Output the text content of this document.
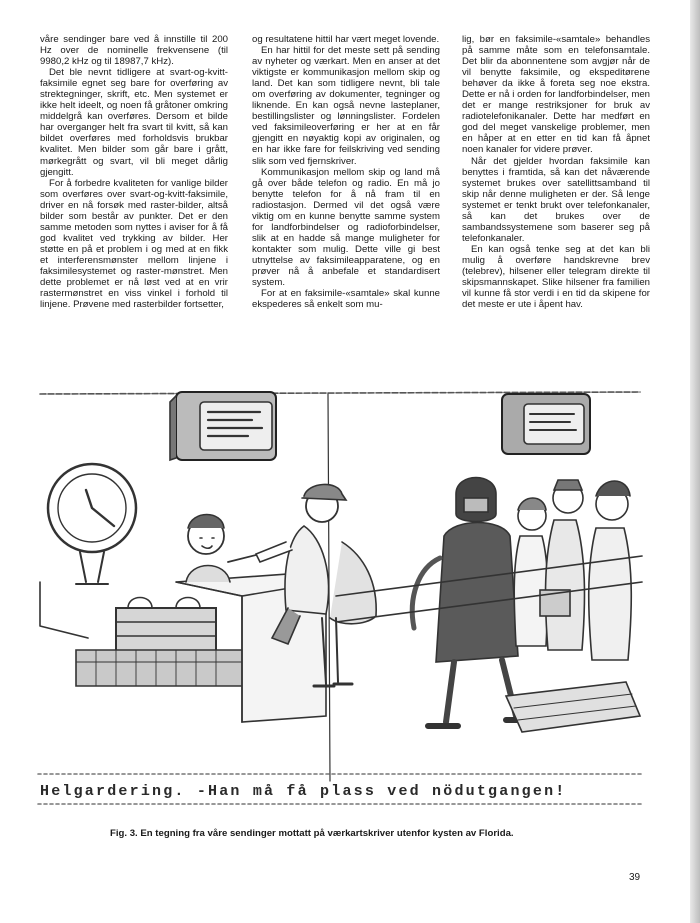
våre sendinger bare ved å innstille til 200 Hz over de nominelle frekvensene (til 9980,2 kHz og til 18987,7 kHz).

Det ble nevnt tidligere at svart-og-kvitt-faksimile egnet seg bare for overføring av strektegninger, skrift, etc. Men systemet er ikke helt ideelt, og noen få gråtoner omkring middelgrå kan overføres. Dersom et bilde har overganger helt fra svart til kvitt, så kan bildet overføres med forholdsvis brukbar kvalitet. Men bilder som går bare i grått, mørkegrått og svart, vil bli meget dårlig gjengitt.

For å forbedre kvaliteten for vanlige bilder som overføres over svart-og-kvitt-faksimile, driver en nå forsøk med raster-bilder, altså bilder som består av punkter. Det er den samme metoden som nyttes i aviser for å få god kvalitet ved trykking av bilder. Her støtte en på et problem i og med at en fikk et interferensmønster mellom linjene i faksimilesystemet og raster-mønstret. Men dette problemet er nå løst ved at en vrir rastermønstret en viss vinkel i forhold til linjene. Prøvene med rasterbilder fortsetter,

og resultatene hittil har vært meget lovende.

En har hittil for det meste sett på sending av nyheter og værkart. Men en anser at det viktigste er kommunikasjon mellom skip og land. Det kan som tidligere nevnt, bli tale om overføring av dokumenter, tegninger og liknende. En kan også nevne lasteplaner, bestillingslister og lønningslister. Fordelen ved faksimileoverføring er her at en får gjengitt en nøyaktig kopi av originalen, og en har ikke fare for feilskriving ved sending slik som ved fjernskriver.

Kommunikasjon mellom skip og land må gå over både telefon og radio. En må jo benytte telefon for å nå fram til en radiostasjon. Dermed vil det også være viktig om en kunne benytte samme system for landforbindelser og radioforbindelser, slik at en hadde så mange muligheter for kontakter som mulig. Dette ville gi best utnyttelse av faksimileapparatene, og en prøver nå å anbefale et standardisert system.

For at en faksimile-«samtale» skal kunne ekspederes så enkelt som mu-

lig, bør en faksimile-«samtale» behandles på samme måte som en telefonsamtale. Det blir da abonnentene som avgjør når de vil benytte faksimile, og ekspeditørene behøver da ikke å foreta seg noe ekstra. Dette er nå i orden for landforbindelser, men det er mange restriksjoner for bruk av radiotelefonikanaler. Dette har medført en god del meget vanskelige problemer, men en håper at en etter en tid kan få åpnet noen kanaler for videre prøver.

Når det gjelder hvordan faksimile kan benyttes i framtida, så kan det nåværende systemet brukes over satellittsamband til skip når denne muligheten er der. Så lenge systemet er tenkt brukt over telefonkanaler, så kan det brukes over de sambandssystemene som baserer seg på telefonkanaler.

En kan også tenke seg at det kan bli mulig å overføre handskrevne brev (telebrev), hilsener eller telegram direkte til skipsmannskapet. Slike hilsener fra familien vil kunne få stor verdi i en tid da skipene for det meste er ute i åpent hav.

Helgardering. -Han må få plass ved nödutgangen!
Fig. 3. En tegning fra våre sendinger mottatt på værkartskriver utenfor kysten av Florida.
39
